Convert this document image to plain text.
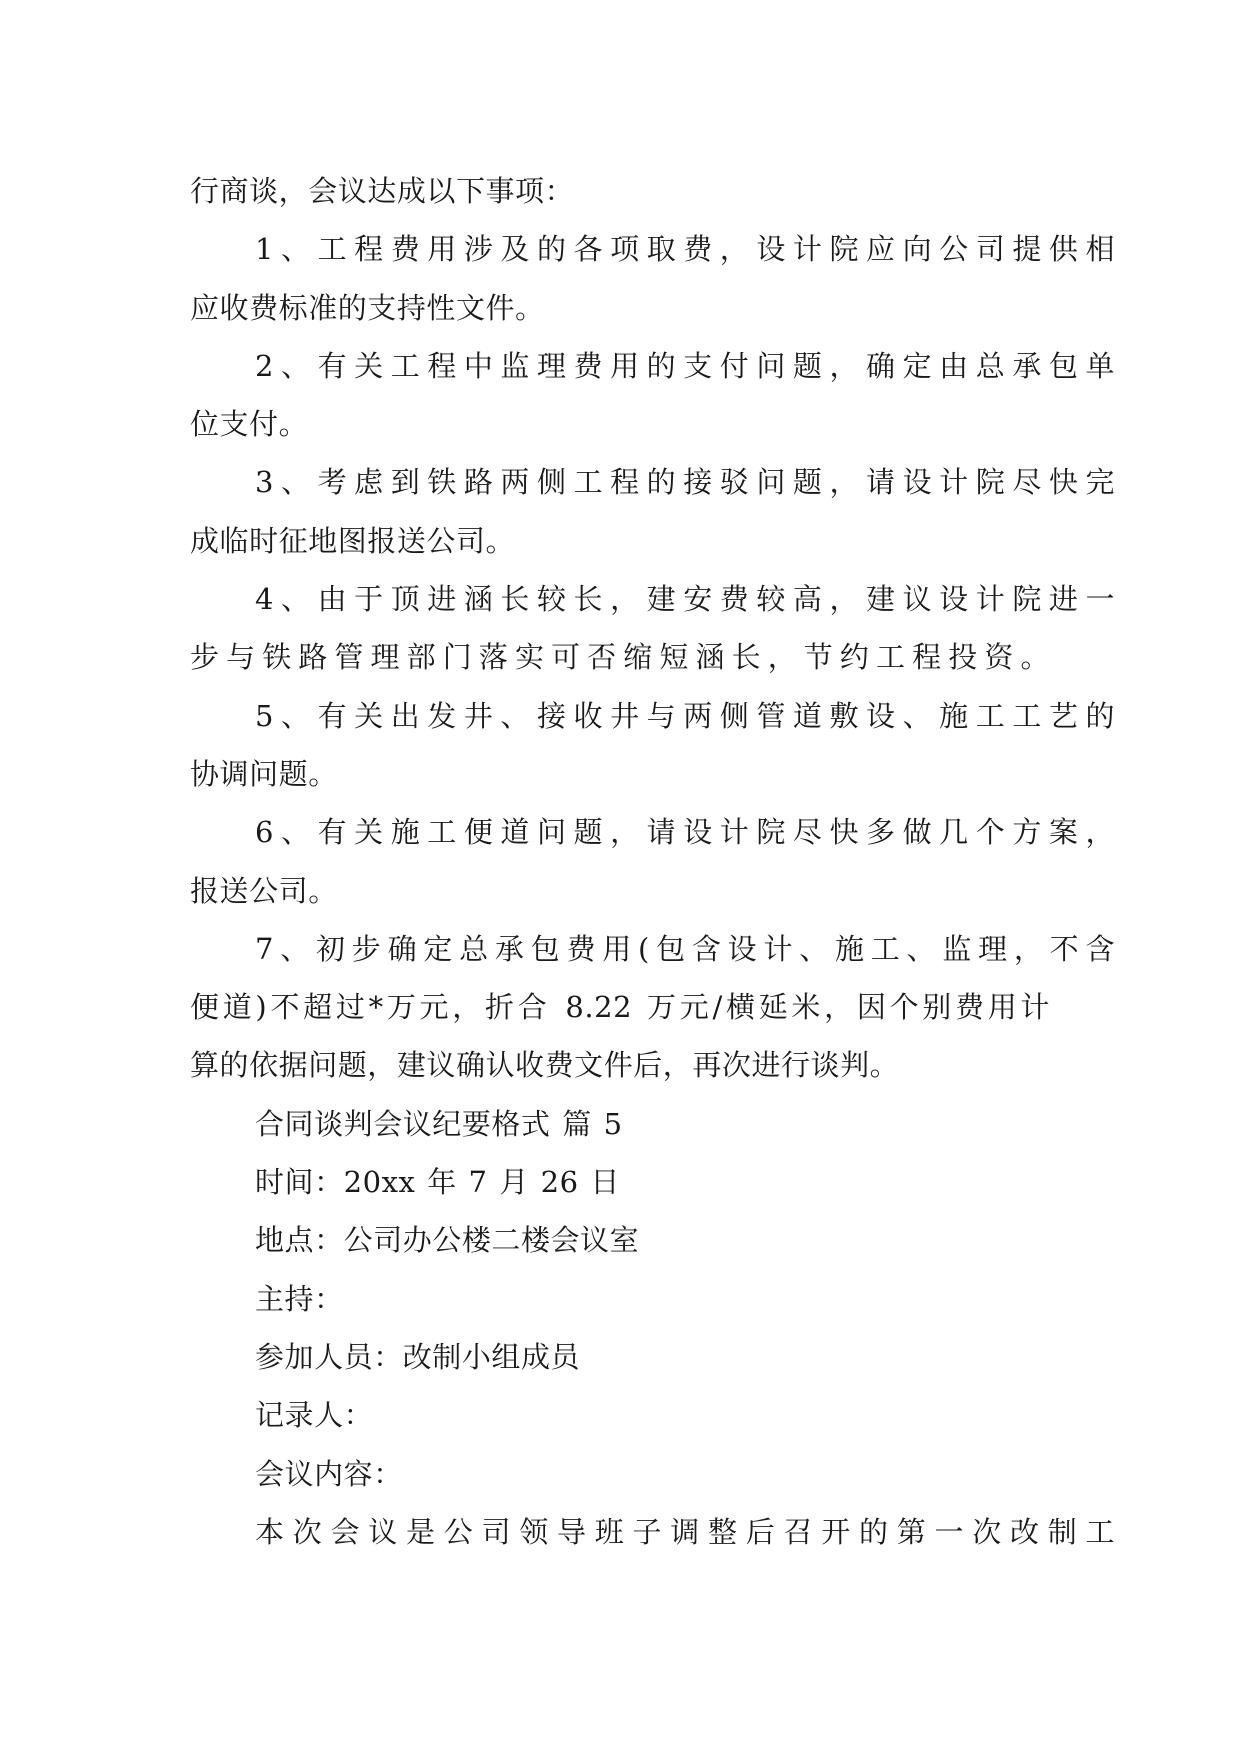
行商谈，会议达成以下事项：
1、工程费用涉及的各项取费，设计院应向公司提供相
应收费标准的支持性文件。
2、有关工程中监理费用的支付问题，确定由总承包单
位支付。
3、考虑到铁路两侧工程的接驳问题，请设计院尽快完
成临时征地图报送公司。
4、由于顶进涵长较长，建安费较高，建议设计院进一
步与铁路管理部门落实可否缩短涵长，节约工程投资。
5、有关出发井、接收井与两侧管道敷设、施工工艺的
协调问题。
6、有关施工便道问题，请设计院尽快多做几个方案，
报送公司。
7、初步确定总承包费用(包含设计、施工、监理，不含
便道)不超过*万元，折合 8.22 万元/横延米，因个别费用计
算的依据问题，建议确认收费文件后，再次进行谈判。
合同谈判会议纪要格式 篇 5
时间：20xx 年 7 月 26 日
地点：公司办公楼二楼会议室
主持：
参加人员：改制小组成员
记录人：
会议内容：
本次会议是公司领导班子调整后召开的第一次改制工
